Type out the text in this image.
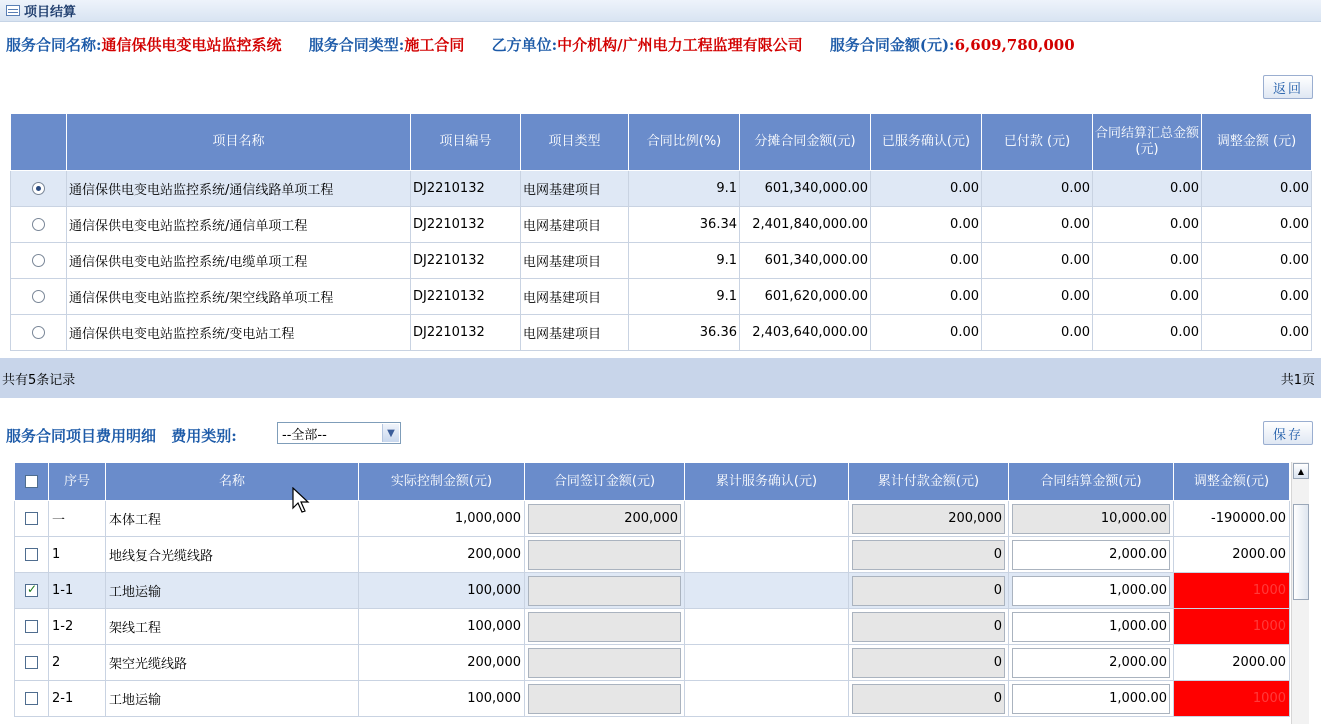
项目结算
服务合同名称:通信保供电变电站监控系统 服务合同类型:施工合同 乙方单位:中介机构/广州电力工程监理有限公司 服务合同金额(元):6,609,780,000
返回
	项目名称	项目编号	项目类型	合同比例(%)	分摊合同金额(元)	已服务确认(元)	已付款 (元)	合同结算汇总金额 (元)	调整金额 (元)
	通信保供电变电站监控系统/通信线路单项工程	DJ2210132	电网基建项目	9.1	601,340,000.00	0.00	0.00	0.00	0.00
	通信保供电变电站监控系统/通信单项工程	DJ2210132	电网基建项目	36.34	2,401,840,000.00	0.00	0.00	0.00	0.00
	通信保供电变电站监控系统/电缆单项工程	DJ2210132	电网基建项目	9.1	601,340,000.00	0.00	0.00	0.00	0.00
	通信保供电变电站监控系统/架空线路单项工程	DJ2210132	电网基建项目	9.1	601,620,000.00	0.00	0.00	0.00	0.00
	通信保供电变电站监控系统/变电站工程	DJ2210132	电网基建项目	36.36	2,403,640,000.00	0.00	0.00	0.00	0.00
共有5条记录	共1页
服务合同项目费用明细 费用类别:	--全部--	▼	保存
	序号	名称	实际控制金额(元)	合同签订金额(元)	累计服务确认(元)	累计付款金额(元)	合同结算金额(元)	调整金额(元)
	一	本体工程	1,000,000	200,000		200,000	10,000.00	-190000.00
	1	地线复合光缆线路	200,000			0	2,000.00	2000.00
✓	1-1	工地运输	100,000			0	1,000.00	1000
	1-2	架线工程	100,000			0	1,000.00	1000
	2	架空光缆线路	200,000			0	2,000.00	2000.00
	2-1	工地运输	100,000			0	1,000.00	1000
▲
